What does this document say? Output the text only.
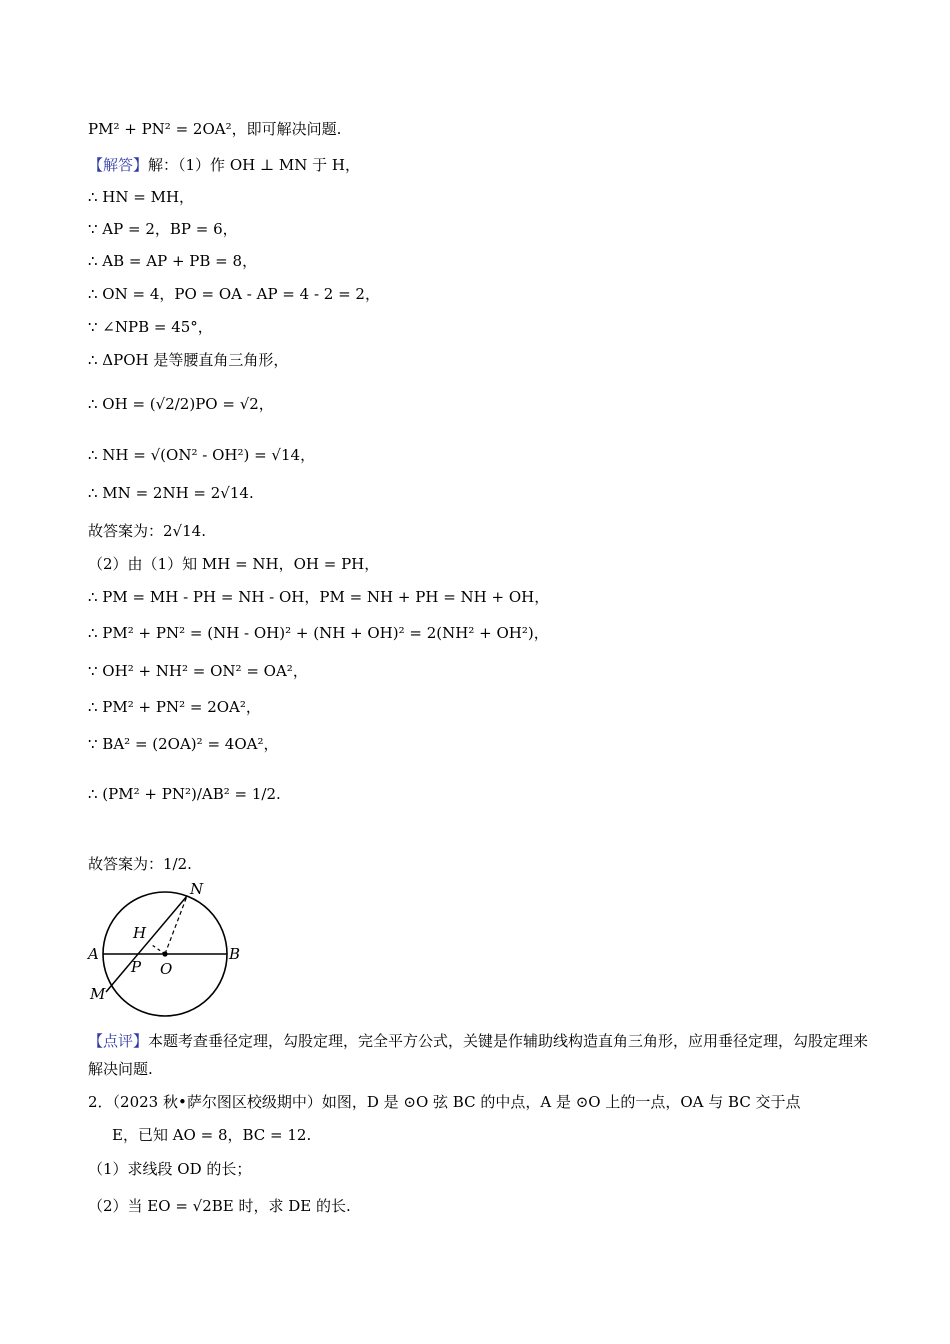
PM² + PN² = 2OA²，即可解决问题.
【解答】解：（1）作 OH ⊥ MN 于 H，
∴ HN = MH，
∵ AP = 2，BP = 6，
∴ AB = AP + PB = 8，
∴ ON = 4，PO = OA - AP = 4 - 2 = 2，
∵ ∠NPB = 45°，
∴ ΔPOH 是等腰直角三角形，
∴ OH = (√2/2)PO = √2，
∴ NH = √(ON² - OH²) = √14，
∴ MN = 2NH = 2√14.
故答案为：2√14.
（2）由（1）知 MH = NH，OH = PH，
∴ PM = MH - PH = NH - OH，PM = NH + PH = NH + OH，
∴ PM² + PN² = (NH - OH)² + (NH + OH)² = 2(NH² + OH²)，
∵ OH² + NH² = ON² = OA²，
∴ PM² + PN² = 2OA²，
∵ BA² = (2OA)² = 4OA²，
∴ (PM² + PN²)/AB² = 1/2.
故答案为：1/2.
N
H
A	B
P O
M
【点评】本题考查垂径定理，勾股定理，完全平方公式，关键是作辅助线构造直角三角形，应用垂径定理，勾股定理来解决问题.
2．（2023 秋•萨尔图区校级期中）如图，D 是 ⊙O 弦 BC 的中点，A 是 ⊙O 上的一点，OA 与 BC 交于点
E，已知 AO = 8，BC = 12.
（1）求线段 OD 的长；
（2）当 EO = √2BE 时，求 DE 的长.
